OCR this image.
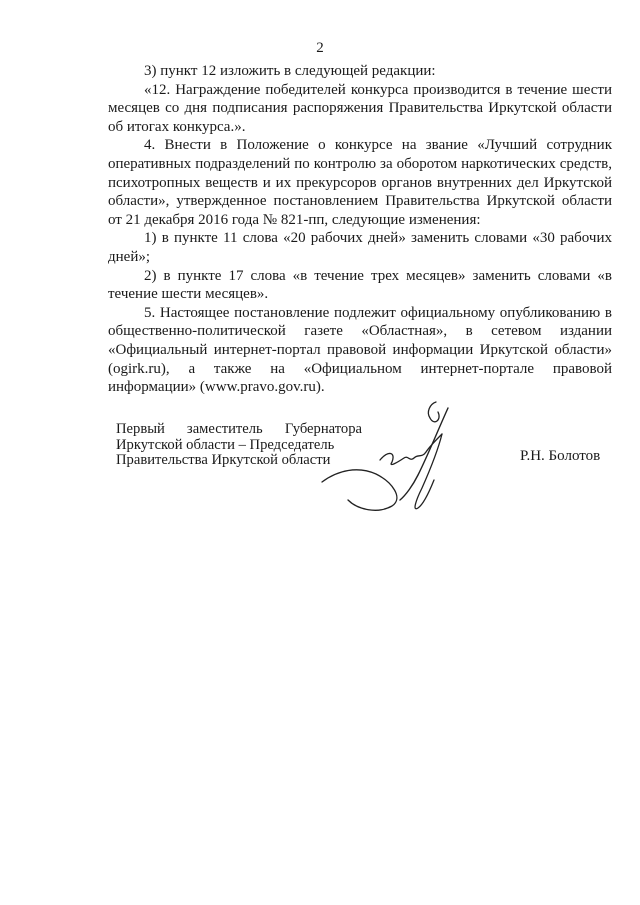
2

3) пункт 12 изложить в следующей редакции:

«12. Награждение победителей конкурса производится в течение шести месяцев со дня подписания распоряжения Правительства Иркутской области об итогах конкурса.».

4. Внести в Положение о конкурсе на звание «Лучший сотрудник оперативных подразделений по контролю за оборотом наркотических средств, психотропных веществ и их прекурсоров органов внутренних дел Иркутской области», утвержденное постановлением Правительства Иркутской области от 21 декабря 2016 года № 821-пп, следующие изменения:

1) в пункте 11 слова «20 рабочих дней» заменить словами «30 рабочих дней»;

2) в пункте 17 слова «в течение трех месяцев» заменить словами «в течение шести месяцев».

5. Настоящее постановление подлежит официальному опубликованию в общественно-политической газете «Областная», в сетевом издании «Официальный интернет-портал правовой информации Иркутской области» (ogirk.ru), а также на «Официальном интернет-портале правовой информации» (www.pravo.gov.ru).

Первый заместитель Губернатора
Иркутской области – Председатель
Правительства Иркутской области	Р.Н. Болотов
